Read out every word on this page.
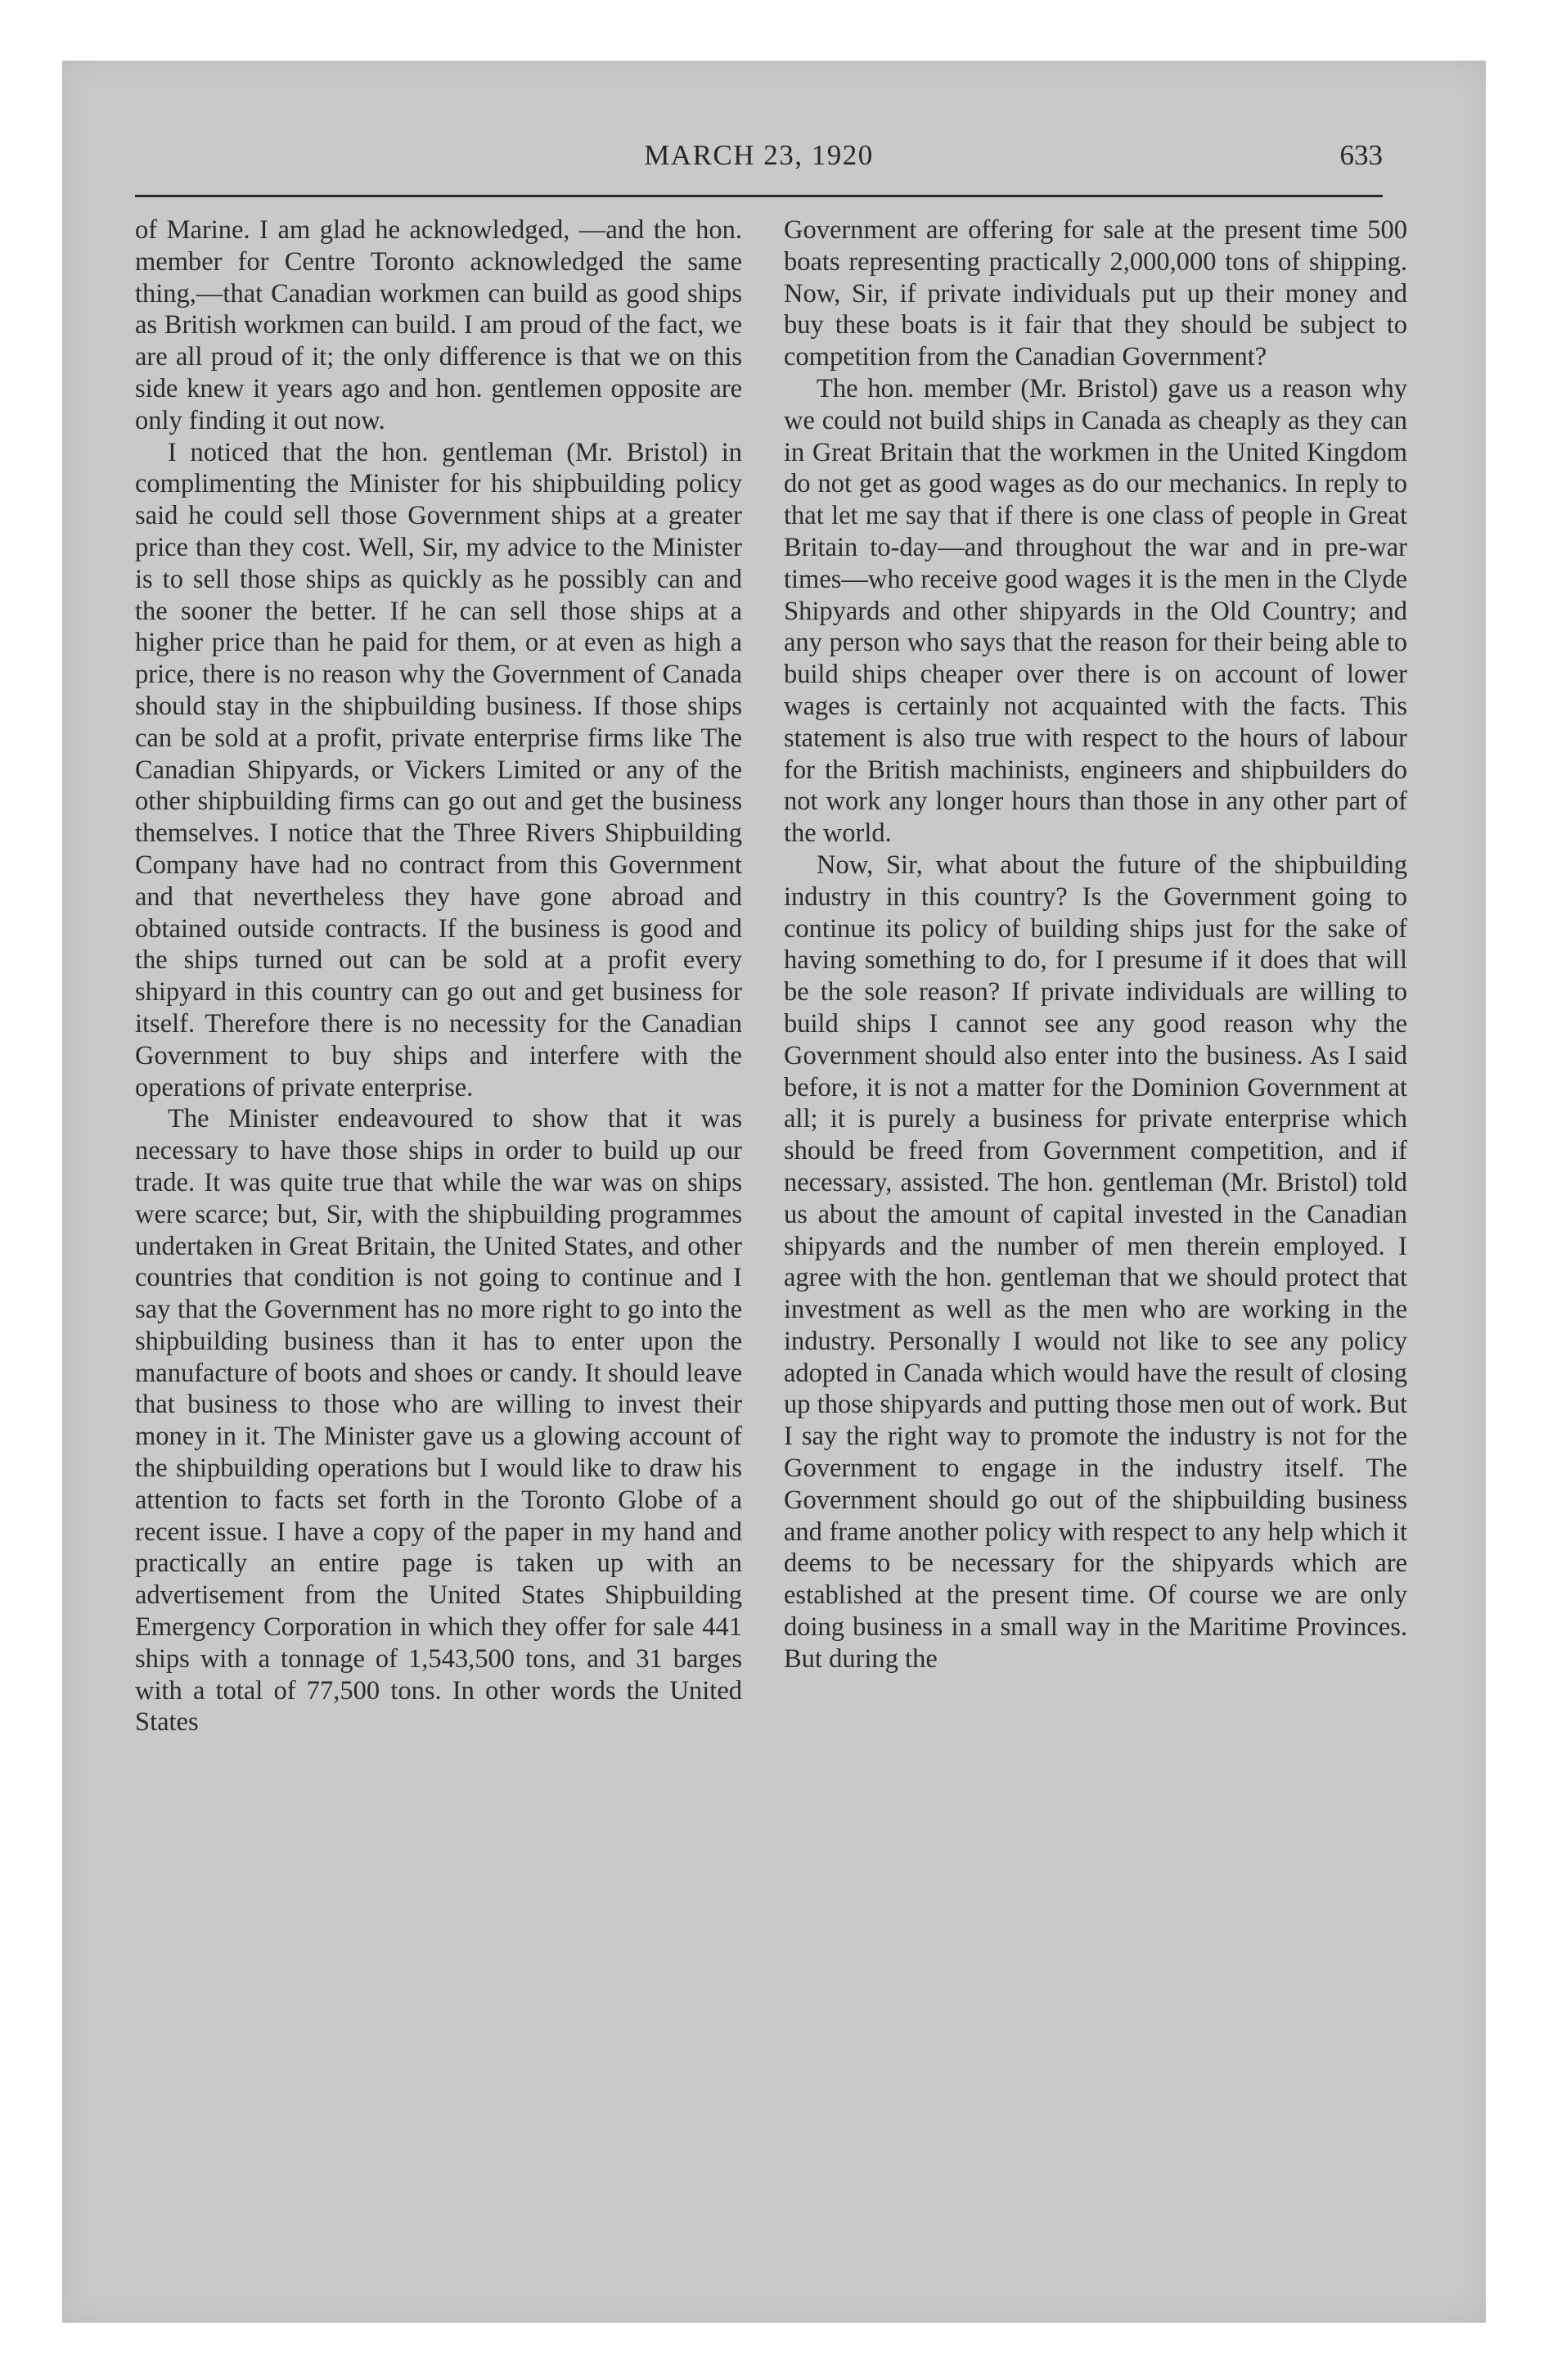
MARCH 23, 1920	633

of Marine. I am glad he acknowledged, —and the hon. member for Centre Toronto acknowledged the same thing,—that Canadian workmen can build as good ships as British workmen can build. I am proud of the fact, we are all proud of it; the only difference is that we on this side knew it years ago and hon. gentlemen opposite are only finding it out now.

I noticed that the hon. gentleman (Mr. Bristol) in complimenting the Minister for his shipbuilding policy said he could sell those Government ships at a greater price than they cost. Well, Sir, my advice to the Minister is to sell those ships as quickly as he possibly can and the sooner the better. If he can sell those ships at a higher price than he paid for them, or at even as high a price, there is no reason why the Government of Canada should stay in the shipbuilding business. If those ships can be sold at a profit, private enterprise firms like The Canadian Shipyards, or Vickers Limited or any of the other shipbuilding firms can go out and get the business themselves. I notice that the Three Rivers Shipbuilding Company have had no contract from this Government and that nevertheless they have gone abroad and obtained outside contracts. If the business is good and the ships turned out can be sold at a profit every shipyard in this country can go out and get business for itself. Therefore there is no necessity for the Canadian Government to buy ships and interfere with the operations of private enterprise.

The Minister endeavoured to show that it was necessary to have those ships in order to build up our trade. It was quite true that while the war was on ships were scarce; but, Sir, with the shipbuilding programmes undertaken in Great Britain, the United States, and other countries that condition is not going to continue and I say that the Government has no more right to go into the shipbuilding business than it has to enter upon the manufacture of boots and shoes or candy. It should leave that business to those who are willing to invest their money in it. The Minister gave us a glowing account of the shipbuilding operations but I would like to draw his attention to facts set forth in the Toronto Globe of a recent issue. I have a copy of the paper in my hand and practically an entire page is taken up with an advertisement from the United States Shipbuilding Emergency Corporation in which they offer for sale 441 ships with a tonnage of 1,543,500 tons, and 31 barges with a total of 77,500 tons. In other words the United States

Government are offering for sale at the present time 500 boats representing practically 2,000,000 tons of shipping. Now, Sir, if private individuals put up their money and buy these boats is it fair that they should be subject to competition from the Canadian Government?

The hon. member (Mr. Bristol) gave us a reason why we could not build ships in Canada as cheaply as they can in Great Britain that the workmen in the United Kingdom do not get as good wages as do our mechanics. In reply to that let me say that if there is one class of people in Great Britain to-day—and throughout the war and in pre-war times—who receive good wages it is the men in the Clyde Shipyards and other shipyards in the Old Country; and any person who says that the reason for their being able to build ships cheaper over there is on account of lower wages is certainly not acquainted with the facts. This statement is also true with respect to the hours of labour for the British machinists, engineers and shipbuilders do not work any longer hours than those in any other part of the world.

Now, Sir, what about the future of the shipbuilding industry in this country? Is the Government going to continue its policy of building ships just for the sake of having something to do, for I presume if it does that will be the sole reason? If private individuals are willing to build ships I cannot see any good reason why the Government should also enter into the business. As I said before, it is not a matter for the Dominion Government at all; it is purely a business for private enterprise which should be freed from Government competition, and if necessary, assisted. The hon. gentleman (Mr. Bristol) told us about the amount of capital invested in the Canadian shipyards and the number of men therein employed. I agree with the hon. gentleman that we should protect that investment as well as the men who are working in the industry. Personally I would not like to see any policy adopted in Canada which would have the result of closing up those shipyards and putting those men out of work. But I say the right way to promote the industry is not for the Government to engage in the industry itself. The Government should go out of the shipbuilding business and frame another policy with respect to any help which it deems to be necessary for the shipyards which are established at the present time. Of course we are only doing business in a small way in the Maritime Provinces. But during the
